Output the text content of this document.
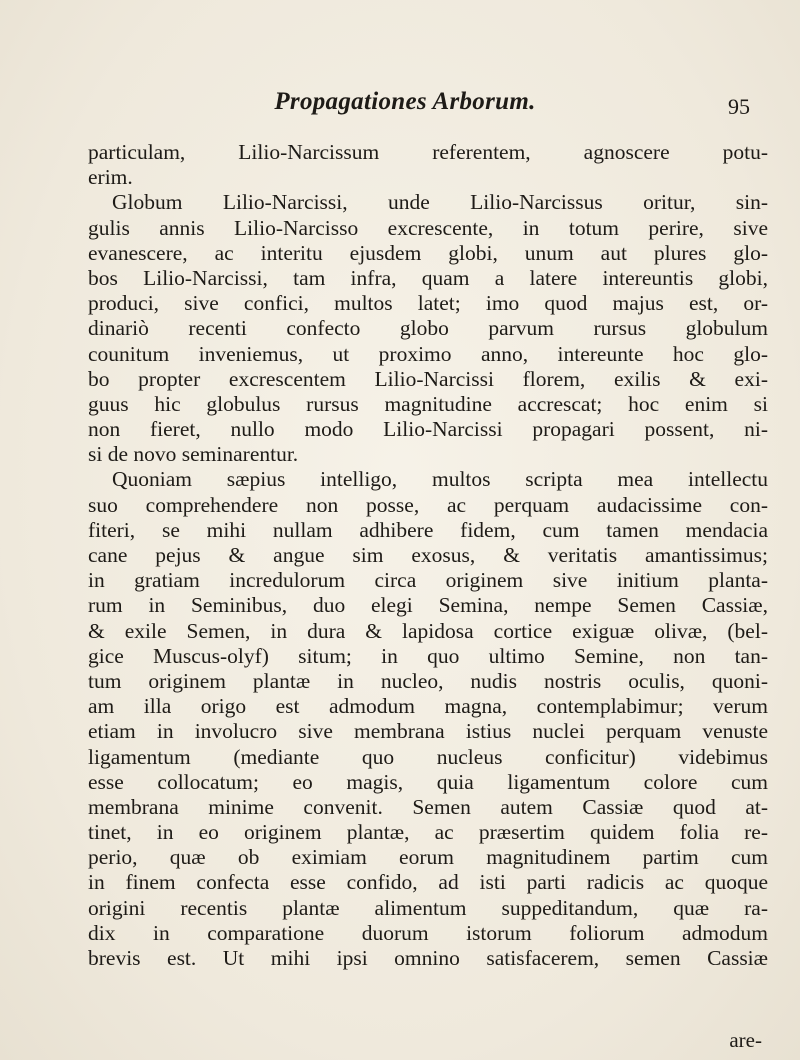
Propagationes Arborum.	95
particulam, Lilio-Narcissum referentem, agnoscere potu-
erim.
Globum Lilio-Narcissi, unde Lilio-Narcissus oritur, sin-
gulis annis Lilio-Narcisso excrescente, in totum perire, sive
evanescere, ac interitu ejusdem globi, unum aut plures glo-
bos Lilio-Narcissi, tam infra, quam a latere intereuntis globi,
produci, sive confici, multos latet; imo quod majus est, or-
dinariò recenti confecto globo parvum rursus globulum
counitum inveniemus, ut proximo anno, intereunte hoc glo-
bo propter excrescentem Lilio-Narcissi florem, exilis & exi-
guus hic globulus rursus magnitudine accrescat; hoc enim si
non fieret, nullo modo Lilio-Narcissi propagari possent, ni-
si de novo seminarentur.
Quoniam sæpius intelligo, multos scripta mea intellectu
suo comprehendere non posse, ac perquam audacissime con-
fiteri, se mihi nullam adhibere fidem, cum tamen mendacia
cane pejus & angue sim exosus, & veritatis amantissimus;
in gratiam incredulorum circa originem sive initium planta-
rum in Seminibus, duo elegi Semina, nempe Semen Cassiæ,
& exile Semen, in dura & lapidosa cortice exiguæ olivæ, (bel-
gice Muscus-olyf) situm; in quo ultimo Semine, non tan-
tum originem plantæ in nucleo, nudis nostris oculis, quoni-
am illa origo est admodum magna, contemplabimur; verum
etiam in involucro sive membrana istius nuclei perquam venuste
ligamentum (mediante quo nucleus conficitur) videbimus
esse collocatum; eo magis, quia ligamentum colore cum
membrana minime convenit. Semen autem Cassiæ quod at-
tinet, in eo originem plantæ, ac præsertim quidem folia re-
perio, quæ ob eximiam eorum magnitudinem partim cum
in finem confecta esse confido, ad isti parti radicis ac quoque
origini recentis plantæ alimentum suppeditandum, quæ ra-
dix in comparatione duorum istorum foliorum admodum
brevis est. Ut mihi ipsi omnino satisfacerem, semen Cassiæ
are-
